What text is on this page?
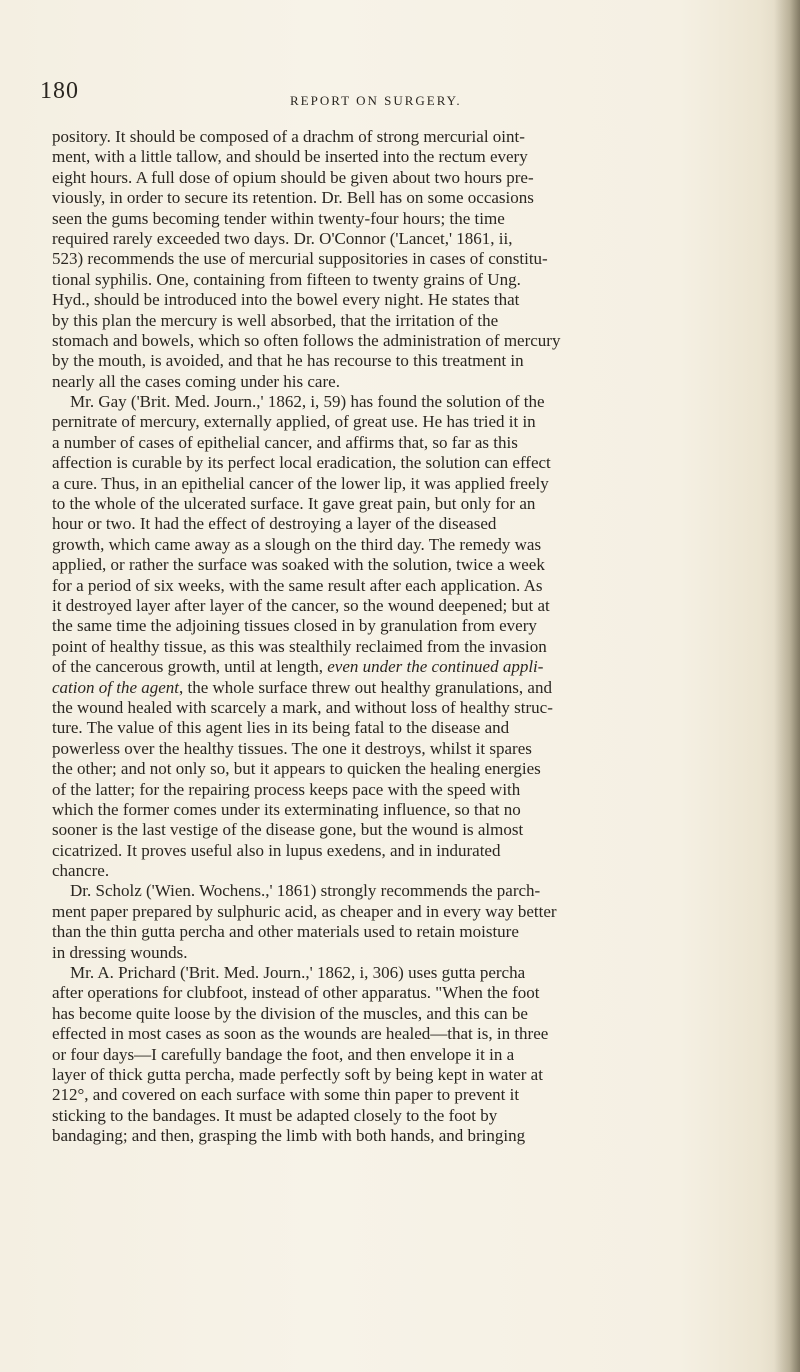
180	REPORT ON SURGERY.
pository. It should be composed of a drachm of strong mercurial oint-
ment, with a little tallow, and should be inserted into the rectum every
eight hours. A full dose of opium should be given about two hours pre-
viously, in order to secure its retention. Dr. Bell has on some occasions
seen the gums becoming tender within twenty-four hours; the time
required rarely exceeded two days. Dr. O'Connor ('Lancet,' 1861, ii,
523) recommends the use of mercurial suppositories in cases of constitu-
tional syphilis. One, containing from fifteen to twenty grains of Ung.
Hyd., should be introduced into the bowel every night. He states that
by this plan the mercury is well absorbed, that the irritation of the
stomach and bowels, which so often follows the administration of mercury
by the mouth, is avoided, and that he has recourse to this treatment in
nearly all the cases coming under his care.
Mr. Gay ('Brit. Med. Journ.,' 1862, i, 59) has found the solution of the
pernitrate of mercury, externally applied, of great use. He has tried it in
a number of cases of epithelial cancer, and affirms that, so far as this
affection is curable by its perfect local eradication, the solution can effect
a cure. Thus, in an epithelial cancer of the lower lip, it was applied freely
to the whole of the ulcerated surface. It gave great pain, but only for an
hour or two. It had the effect of destroying a layer of the diseased
growth, which came away as a slough on the third day. The remedy was
applied, or rather the surface was soaked with the solution, twice a week
for a period of six weeks, with the same result after each application. As
it destroyed layer after layer of the cancer, so the wound deepened; but at
the same time the adjoining tissues closed in by granulation from every
point of healthy tissue, as this was stealthily reclaimed from the invasion
of the cancerous growth, until at length, even under the continued appli-
cation of the agent, the whole surface threw out healthy granulations, and
the wound healed with scarcely a mark, and without loss of healthy struc-
ture. The value of this agent lies in its being fatal to the disease and
powerless over the healthy tissues. The one it destroys, whilst it spares
the other; and not only so, but it appears to quicken the healing energies
of the latter; for the repairing process keeps pace with the speed with
which the former comes under its exterminating influence, so that no
sooner is the last vestige of the disease gone, but the wound is almost
cicatrized. It proves useful also in lupus exedens, and in indurated
chancre.
Dr. Scholz ('Wien. Wochens.,' 1861) strongly recommends the parch-
ment paper prepared by sulphuric acid, as cheaper and in every way better
than the thin gutta percha and other materials used to retain moisture
in dressing wounds.
Mr. A. Prichard ('Brit. Med. Journ.,' 1862, i, 306) uses gutta percha
after operations for clubfoot, instead of other apparatus. "When the foot
has become quite loose by the division of the muscles, and this can be
effected in most cases as soon as the wounds are healed—that is, in three
or four days—I carefully bandage the foot, and then envelope it in a
layer of thick gutta percha, made perfectly soft by being kept in water at
212°, and covered on each surface with some thin paper to prevent it
sticking to the bandages. It must be adapted closely to the foot by
bandaging; and then, grasping the limb with both hands, and bringing
